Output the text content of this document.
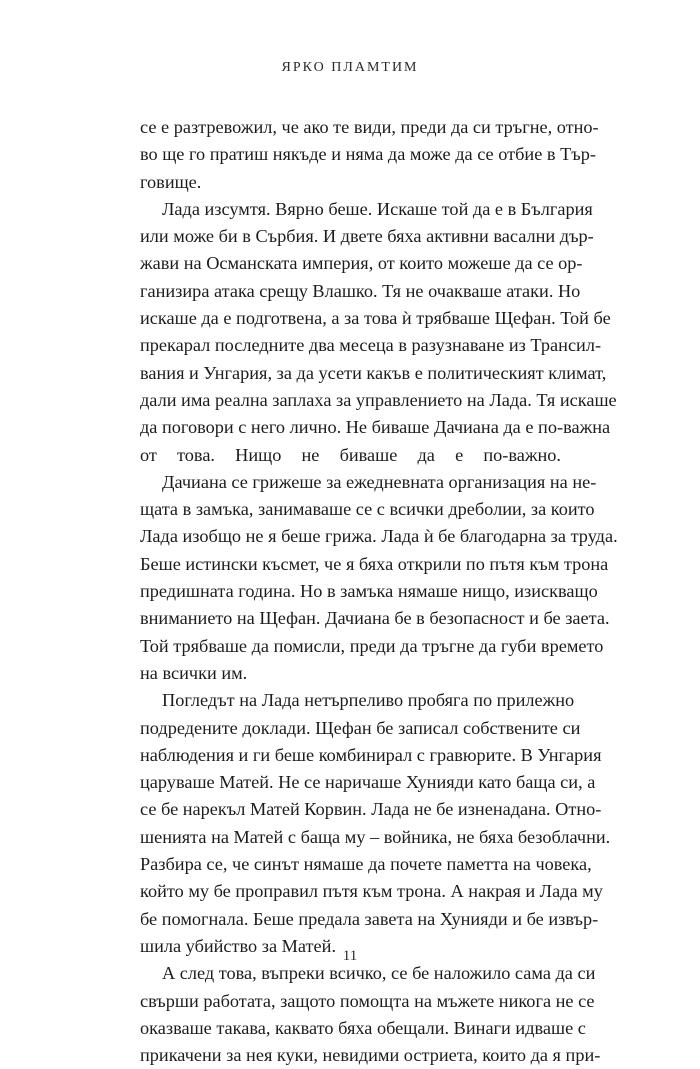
ЯРКО ПЛАМТИМ

се е разтревожил, че ако те види, преди да си тръгне, отно-
во ще го пратиш някъде и няма да може да се отбие в Тър-
говище.

Лада изсумтя. Вярно беше. Искаше той да е в България
или може би в Сърбия. И двете бяха активни васални дър-
жави на Османската империя, от които можеше да се ор-
ганизира атака срещу Влашко. Тя не очакваше атаки. Но
искаше да е подготвена, а за това ѝ трябваше Щефан. Той бе
прекарал последните два месеца в разузнаване из Трансил-
вания и Унгария, за да усети какъв е политическият климат,
дали има реална заплаха за управлението на Лада. Тя искаше
да поговори с него лично. Не биваше Дачиана да е по-важна
от това. Нищо не биваше да е по-важно.

Дачиана се грижеше за ежедневната организация на не-
щата в замъка, занимаваше се с всички дреболии, за които
Лада изобщо не я беше грижа. Лада ѝ бе благодарна за труда.
Беше истински късмет, че я бяха открили по пътя към трона
предишната година. Но в замъка нямаше нищо, изискващо
вниманието на Щефан. Дачиана бе в безопасност и бе заета.
Той трябваше да помисли, преди да тръгне да губи времето
на всички им.

Погледът на Лада нетърпеливо пробяга по прилежно
подредените доклади. Щефан бе записал собствените си
наблюдения и ги беше комбинирал с гравюрите. В Унгария
царуваше Матей. Не се наричаше Хунияди като баща си, а
се бе нарекъл Матей Корвин. Лада не бе изненадана. Отно-
шенията на Матей с баща му – войника, не бяха безоблачни.
Разбира се, че синът нямаше да почете паметта на човека,
който му бе проправил пътя към трона. А накрая и Лада му
бе помогнала. Беше предала завета на Хунияди и бе извър-
шила убийство за Матей.

А след това, въпреки всичко, се бе наложило сама да си
свърши работата, защото помощта на мъжете никога не се
оказваше такава, каквато бяха обещали. Винаги идваше с
прикачени за нея куки, невидими остриета, които да я при-

11
